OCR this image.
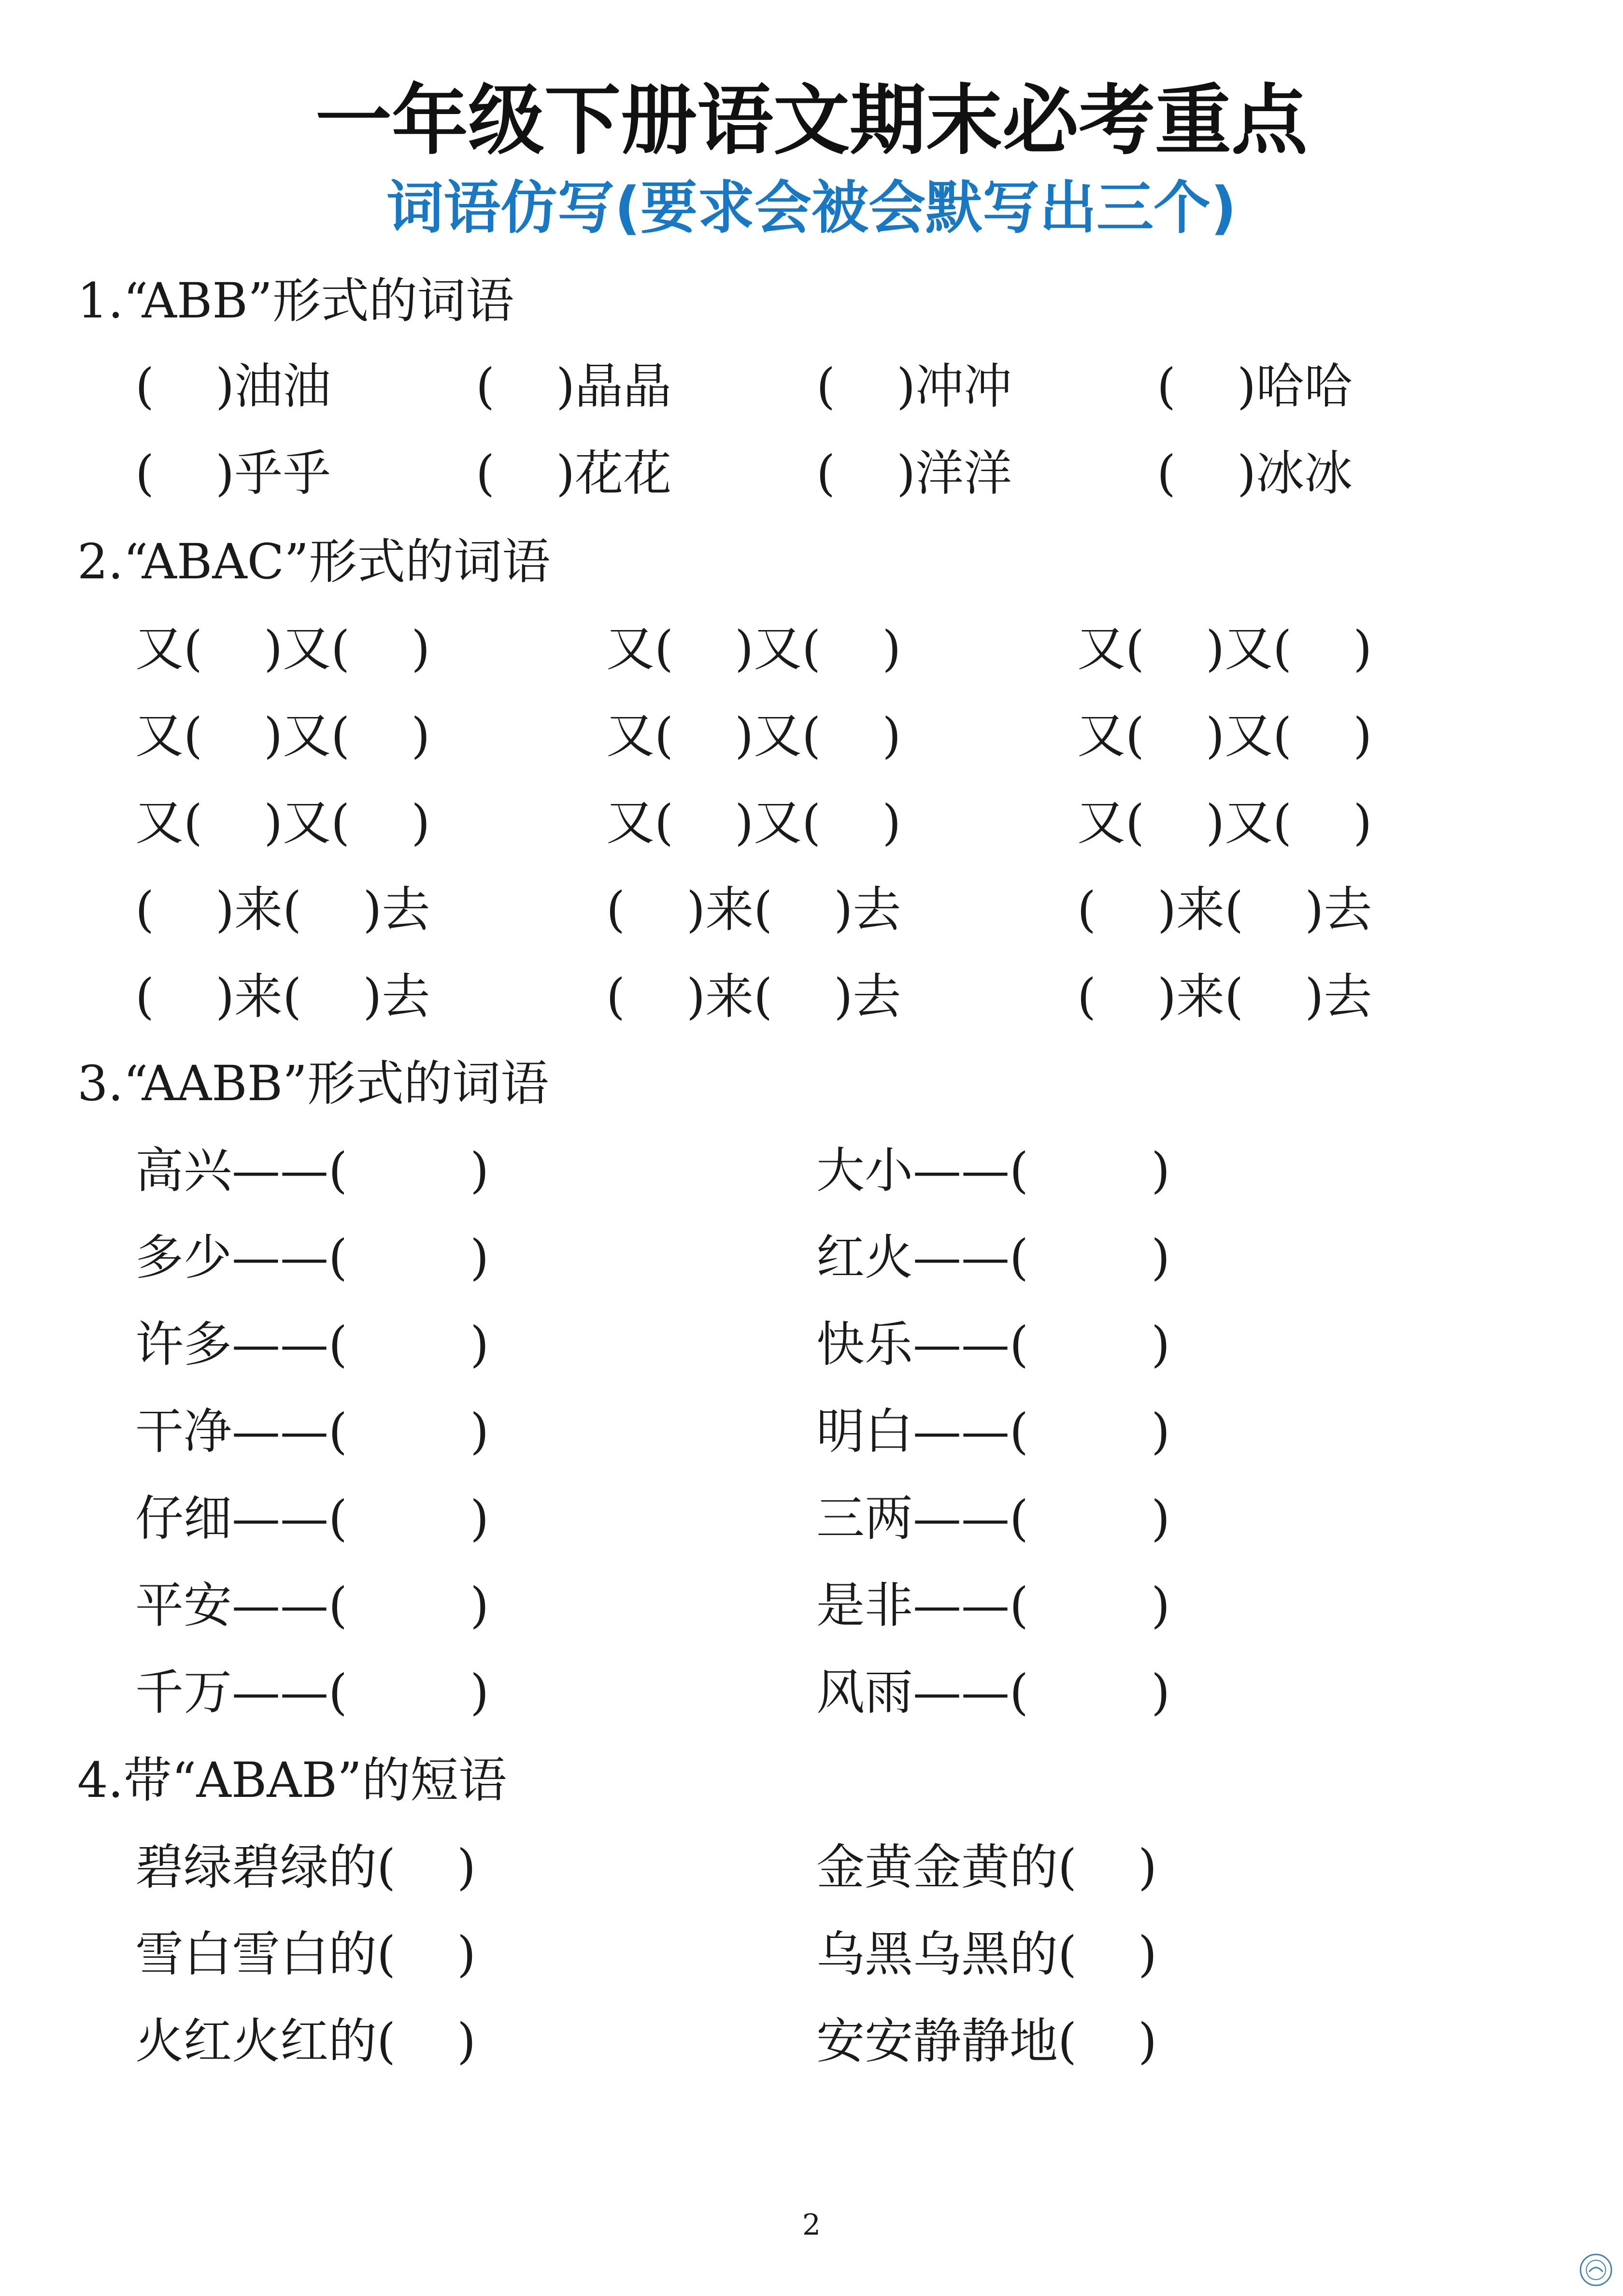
一年级下册语文期末必考重点
词语仿写(要求会被会默写出三个)
1.“ABB”形式的词语
(    )油油	(    )晶晶	(    )冲冲	(    )哈哈
(    )乎乎	(    )花花	(    )洋洋	(    )冰冰
2.“ABAC”形式的词语
又(    )又(    )	又(    )又(    )	又(    )又(    )
又(    )又(    )	又(    )又(    )	又(    )又(    )
又(    )又(    )	又(    )又(    )	又(    )又(    )
(    )来(    )去	(    )来(    )去	(    )来(    )去
(    )来(    )去	(    )来(    )去	(    )来(    )去
3.“AABB”形式的词语
高兴——(        )	大小——(        )
多少——(        )	红火——(        )
许多——(        )	快乐——(        )
干净——(        )	明白——(        )
仔细——(        )	三两——(        )
平安——(        )	是非——(        )
千万——(        )	风雨——(        )
4.带“ABAB”的短语
碧绿碧绿的(    )	金黄金黄的(    )
雪白雪白的(    )	乌黑乌黑的(    )
火红火红的(    )	安安静静地(    )
2
